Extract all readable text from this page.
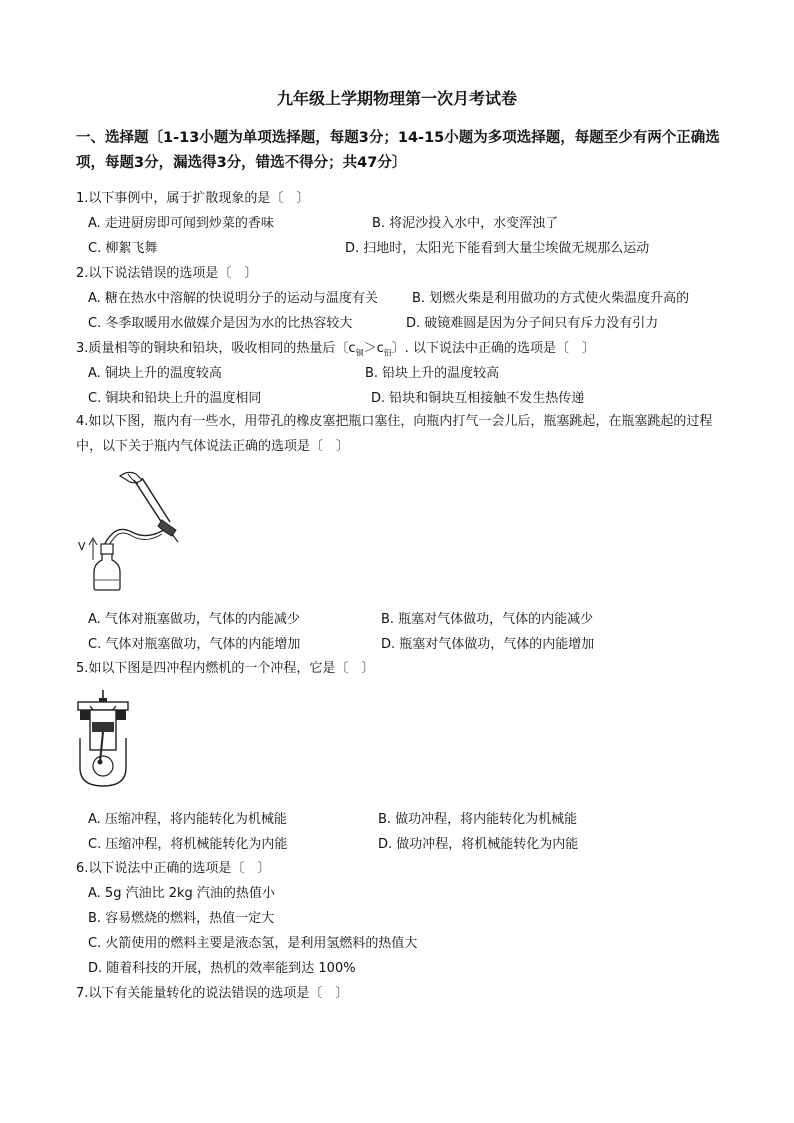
九年级上学期物理第一次月考试卷
一、选择题〔1-13小题为单项选择题，每题3分；14-15小题为多项选择题，每题至少有两个正确选项，每题3分，漏选得3分，错选不得分；共47分〕
1.以下事例中，属于扩散现象的是〔　〕
A. 走进厨房即可闻到炒菜的香味	B. 将泥沙投入水中，水变浑浊了
C. 柳絮飞舞	D. 扫地时，太阳光下能看到大量尘埃做无规那么运动
2.以下说法错误的选项是〔　〕
A. 糖在热水中溶解的快说明分子的运动与温度有关	B. 划燃火柴是利用做功的方式使火柴温度升高的
C. 冬季取暖用水做媒介是因为水的比热容较大	D. 破镜难圆是因为分子间只有斥力没有引力
3.质量相等的铜块和铅块，吸收相同的热量后〔$c_铜>c_铅$〕. 以下说法中正确的选项是〔　〕
A. 铜块上升的温度较高	B. 铅块上升的温度较高
C. 铜块和铅块上升的温度相同	D. 铅块和铜块互相接触不发生热传递
4.如以下图，瓶内有一些水，用带孔的橡皮塞把瓶口塞住，向瓶内打气一会儿后，瓶塞跳起，在瓶塞跳起的过程中，以下关于瓶内气体说法正确的选项是〔　〕
V
A. 气体对瓶塞做功，气体的内能减少	B. 瓶塞对气体做功，气体的内能减少
C. 气体对瓶塞做功，气体的内能增加	D. 瓶塞对气体做功，气体的内能增加
5.如以下图是四冲程内燃机的一个冲程，它是〔　〕
A. 压缩冲程，将内能转化为机械能	B. 做功冲程，将内能转化为机械能
C. 压缩冲程，将机械能转化为内能	D. 做功冲程，将机械能转化为内能
6.以下说法中正确的选项是〔　〕
A. 5g 汽油比 2kg 汽油的热值小
B. 容易燃烧的燃料，热值一定大
C. 火箭使用的燃料主要是液态氢，是利用氢燃料的热值大
D. 随着科技的开展，热机的效率能到达 100%
7.以下有关能量转化的说法错误的选项是〔　〕
